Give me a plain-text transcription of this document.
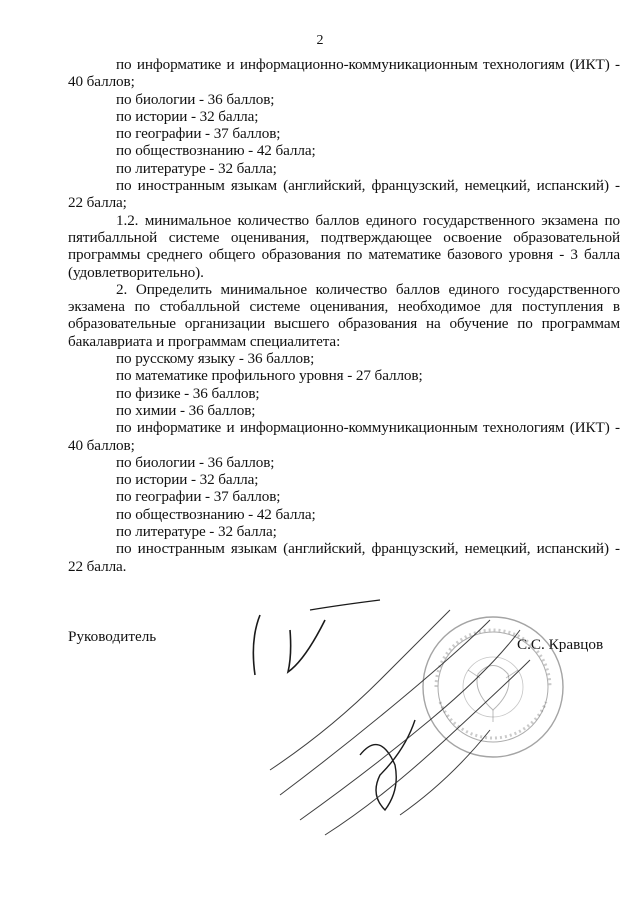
2

по информатике и информационно-коммуникационным технологиям (ИКТ) - 40 баллов;

по биологии - 36 баллов;

по истории - 32 балла;

по географии - 37 баллов;

по обществознанию - 42 балла;

по литературе - 32 балла;

по иностранным языкам (английский, французский, немецкий, испанский) - 22 балла;

1.2. минимальное количество баллов единого государственного экзамена по пятибалльной системе оценивания, подтверждающее освоение образовательной программы среднего общего образования по математике базового уровня - 3 балла (удовлетворительно).

2. Определить минимальное количество баллов единого государственного экзамена по стобалльной системе оценивания, необходимое для поступления в образовательные организации высшего образования на обучение по программам бакалавриата и программам специалитета:

по русскому языку - 36 баллов;

по математике профильного уровня - 27 баллов;

по физике - 36 баллов;

по химии - 36 баллов;

по информатике и информационно-коммуникационным технологиям (ИКТ) - 40 баллов;

по биологии - 36 баллов;

по истории - 32 балла;

по географии - 37 баллов;

по обществознанию - 42 балла;

по литературе - 32 балла;

по иностранным языкам (английский, французский, немецкий, испанский) - 22 балла.

Руководитель	С.С. Кравцов
